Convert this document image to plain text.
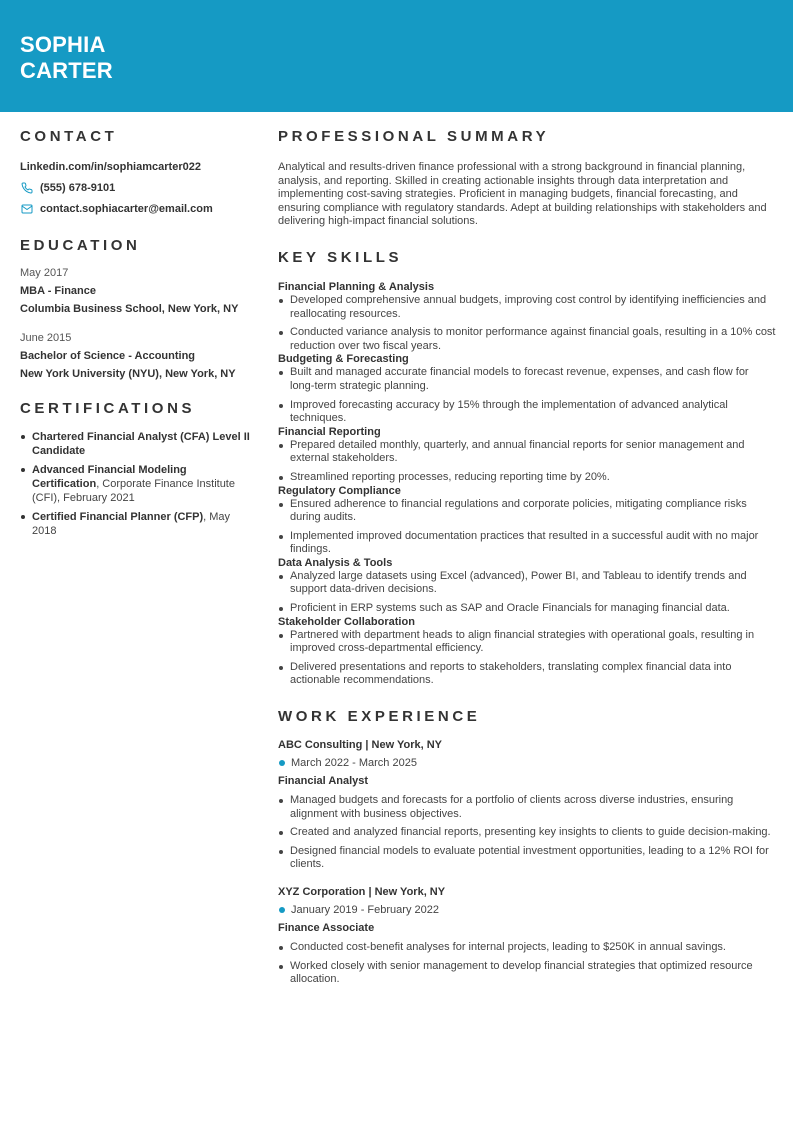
SOPHIA
CARTER
CONTACT
Linkedin.com/in/sophiamcarter022
(555) 678-9101
contact.sophiacarter@email.com
EDUCATION
May 2017
MBA - Finance
Columbia Business School, New York, NY
June 2015
Bachelor of Science - Accounting
New York University (NYU), New York, NY
CERTIFICATIONS
Chartered Financial Analyst (CFA) Level II Candidate
Advanced Financial Modeling Certification, Corporate Finance Institute (CFI), February 2021
Certified Financial Planner (CFP), May 2018
PROFESSIONAL SUMMARY
Analytical and results-driven finance professional with a strong background in financial planning, analysis, and reporting. Skilled in creating actionable insights through data interpretation and implementing cost-saving strategies. Proficient in managing budgets, financial forecasting, and ensuring compliance with regulatory standards. Adept at building relationships with stakeholders and delivering high-impact financial solutions.
KEY SKILLS
Financial Planning & Analysis
Developed comprehensive annual budgets, improving cost control by identifying inefficiencies and reallocating resources.
Conducted variance analysis to monitor performance against financial goals, resulting in a 10% cost reduction over two fiscal years.
Budgeting & Forecasting
Built and managed accurate financial models to forecast revenue, expenses, and cash flow for long-term strategic planning.
Improved forecasting accuracy by 15% through the implementation of advanced analytical techniques.
Financial Reporting
Prepared detailed monthly, quarterly, and annual financial reports for senior management and external stakeholders.
Streamlined reporting processes, reducing reporting time by 20%.
Regulatory Compliance
Ensured adherence to financial regulations and corporate policies, mitigating compliance risks during audits.
Implemented improved documentation practices that resulted in a successful audit with no major findings.
Data Analysis & Tools
Analyzed large datasets using Excel (advanced), Power BI, and Tableau to identify trends and support data-driven decisions.
Proficient in ERP systems such as SAP and Oracle Financials for managing financial data.
Stakeholder Collaboration
Partnered with department heads to align financial strategies with operational goals, resulting in improved cross-departmental efficiency.
Delivered presentations and reports to stakeholders, translating complex financial data into actionable recommendations.
WORK EXPERIENCE
ABC Consulting | New York, NY
March 2022 - March 2025
Financial Analyst
Managed budgets and forecasts for a portfolio of clients across diverse industries, ensuring alignment with business objectives.
Created and analyzed financial reports, presenting key insights to clients to guide decision-making.
Designed financial models to evaluate potential investment opportunities, leading to a 12% ROI for clients.
XYZ Corporation | New York, NY
January 2019 - February 2022
Finance Associate
Conducted cost-benefit analyses for internal projects, leading to $250K in annual savings.
Worked closely with senior management to develop financial strategies that optimized resource allocation.
